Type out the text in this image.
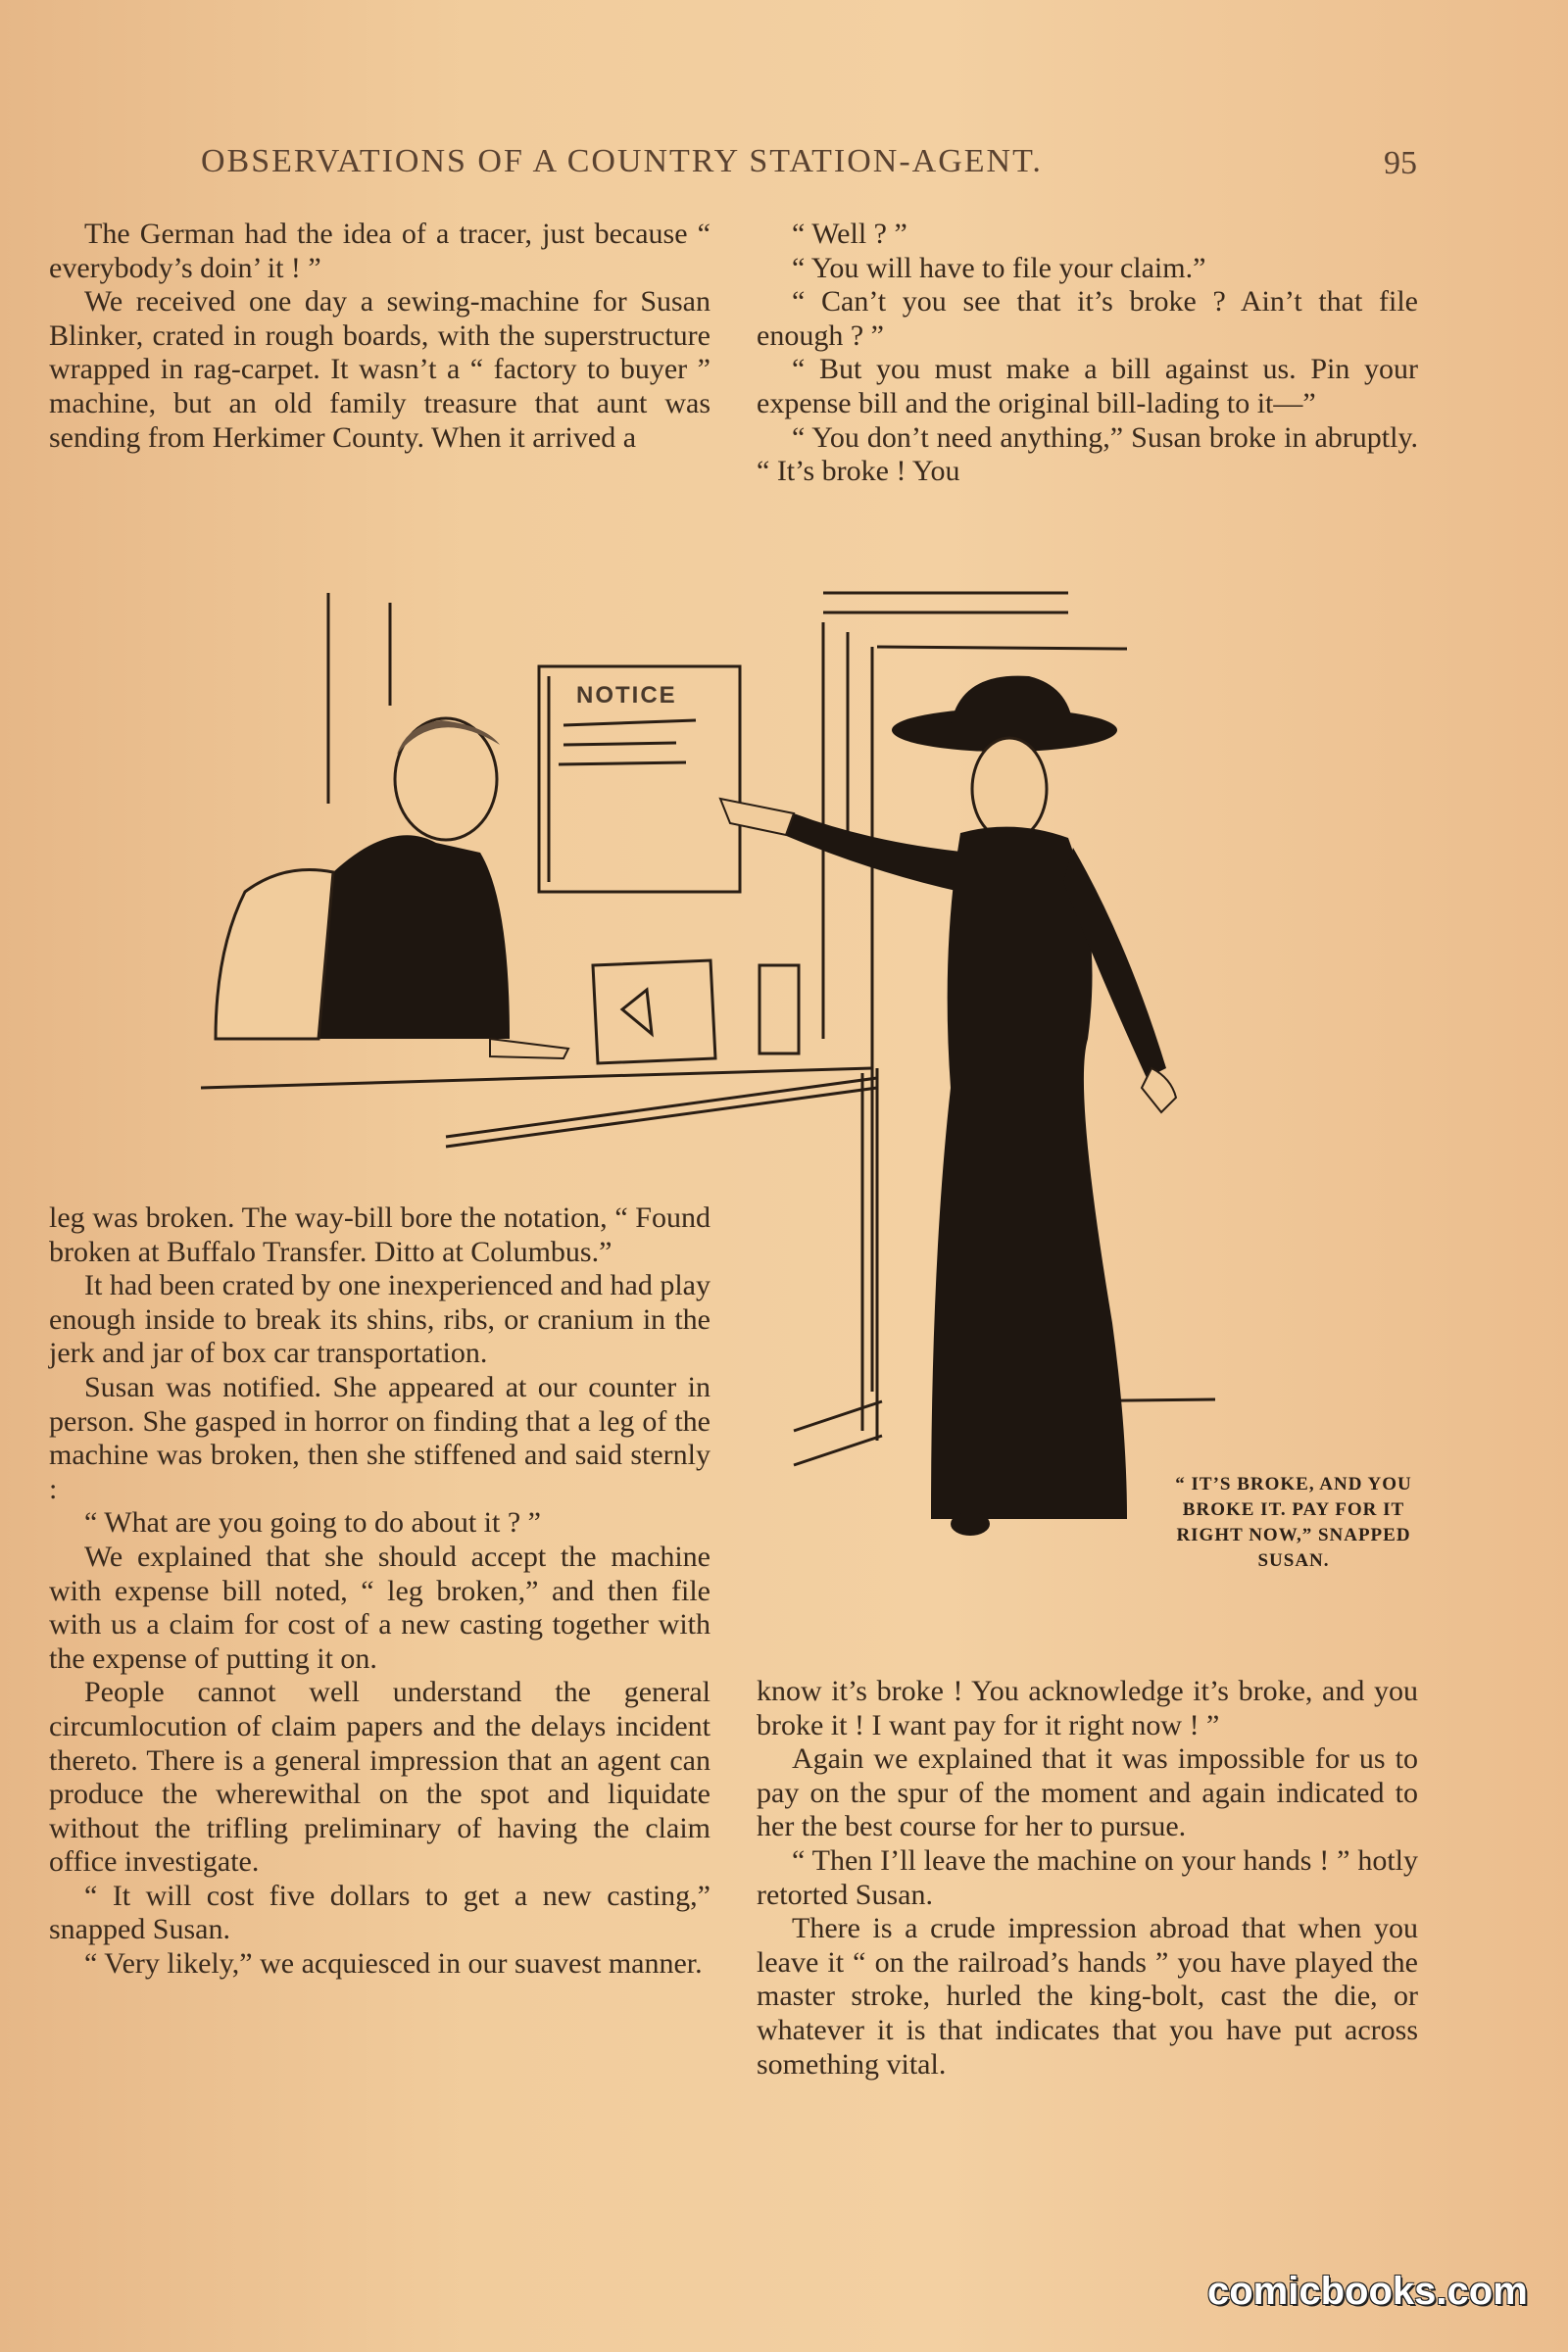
OBSERVATIONS OF A COUNTRY STATION-AGENT.	95

The German had the idea of a tracer, just because “ everybody’s doin’ it ! ”

We received one day a sewing-machine for Susan Blinker, crated in rough boards, with the superstructure wrapped in rag-carpet. It wasn’t a “ factory to buyer ” machine, but an old family treasure that aunt was sending from Herkimer County. When it arrived a

“ Well ? ”

“ You will have to file your claim.”

“ Can’t you see that it’s broke ? Ain’t that file enough ? ”

“ But you must make a bill against us. Pin your expense bill and the original bill-lading to it—”

“ You don’t need anything,” Susan broke in abruptly. “ It’s broke ! You

NOTICE
“ IT’S BROKE, AND YOU BROKE IT. PAY FOR IT RIGHT NOW,” SNAPPED SUSAN.

leg was broken. The way-bill bore the notation, “ Found broken at Buffalo Transfer. Ditto at Columbus.”

It had been crated by one inexperienced and had play enough inside to break its shins, ribs, or cranium in the jerk and jar of box car transportation.

Susan was notified. She appeared at our counter in person. She gasped in horror on finding that a leg of the machine was broken, then she stiffened and said sternly :

“ What are you going to do about it ? ”

We explained that she should accept the machine with expense bill noted, “ leg broken,” and then file with us a claim for cost of a new casting together with the expense of putting it on.

People cannot well understand the general circumlocution of claim papers and the delays incident thereto. There is a general impression that an agent can produce the wherewithal on the spot and liquidate without the trifling preliminary of having the claim office investigate.

“ It will cost five dollars to get a new casting,” snapped Susan.

“ Very likely,” we acquiesced in our suavest manner.

know it’s broke ! You acknowledge it’s broke, and you broke it ! I want pay for it right now ! ”

Again we explained that it was impossible for us to pay on the spur of the moment and again indicated to her the best course for her to pursue.

“ Then I’ll leave the machine on your hands ! ” hotly retorted Susan.

There is a crude impression abroad that when you leave it “ on the railroad’s hands ” you have played the master stroke, hurled the king-bolt, cast the die, or whatever it is that indicates that you have put across something vital.

comicbooks.com
